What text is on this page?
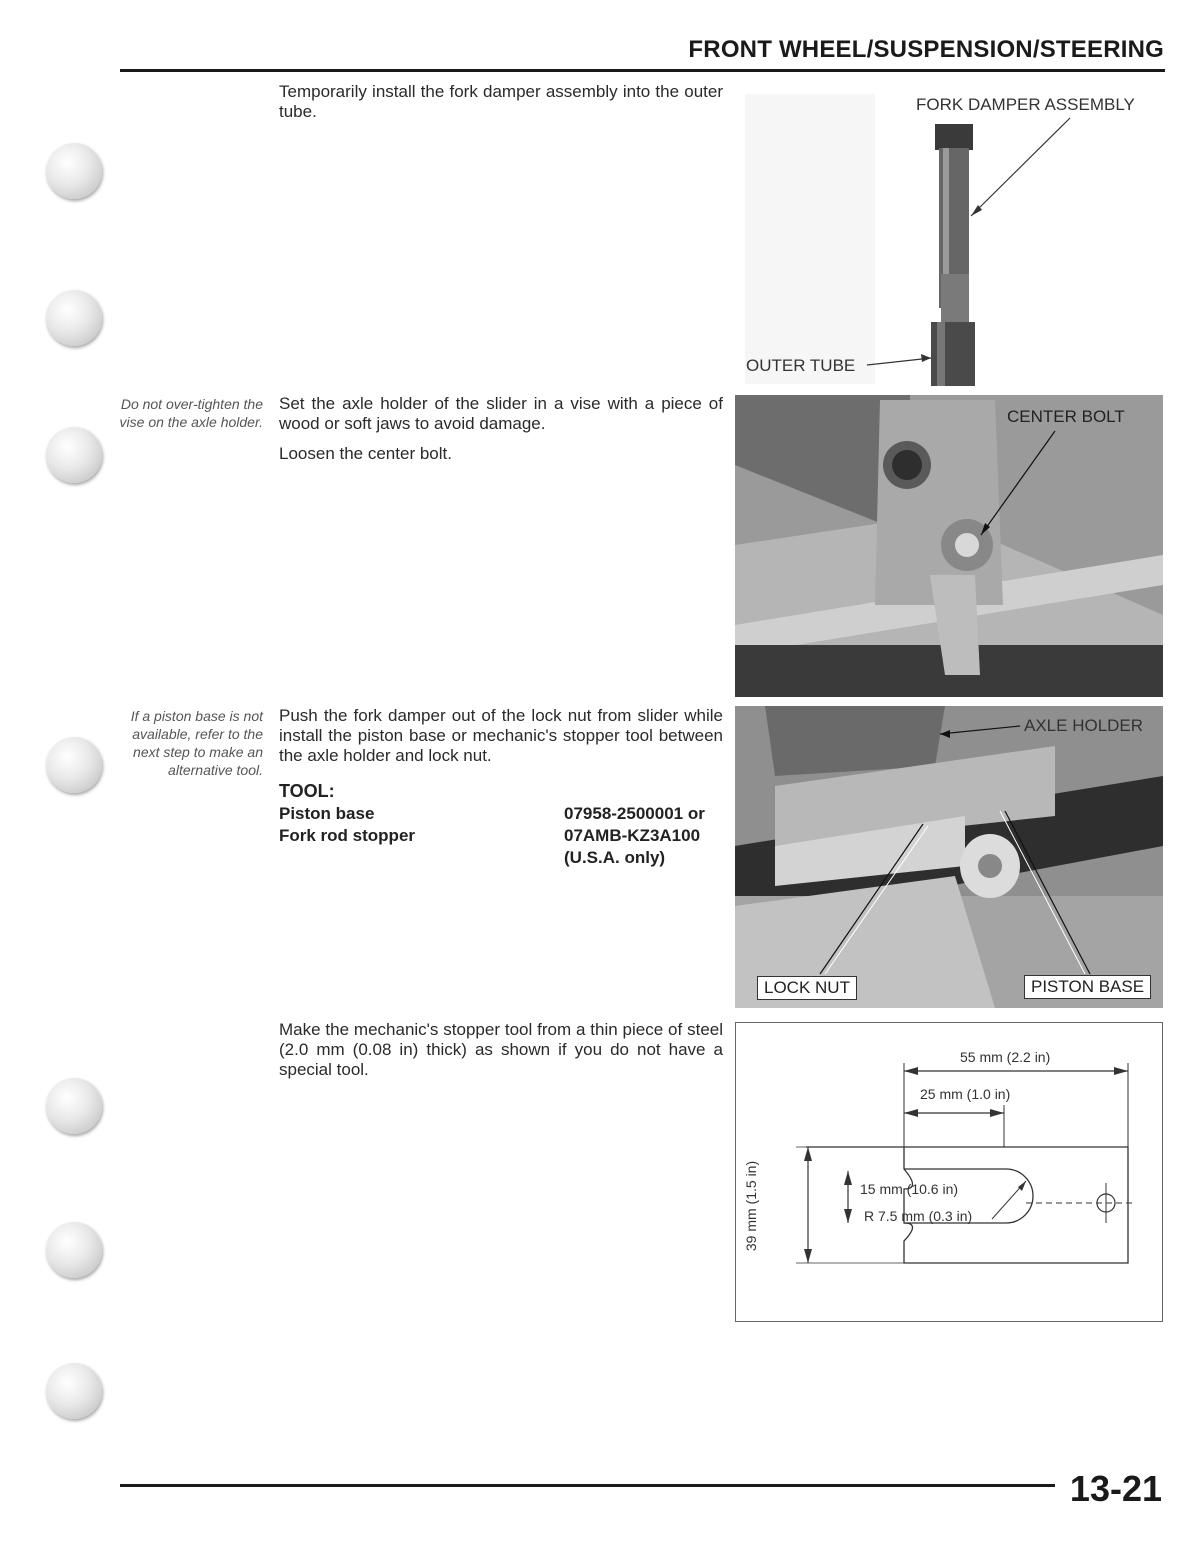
FRONT WHEEL/SUSPENSION/STEERING
Temporarily install the fork damper assembly into the outer tube.
Do not over-tighten the vise on the axle holder.
Set the axle holder of the slider in a vise with a piece of wood or soft jaws to avoid damage.
Loosen the center bolt.
If a piston base is not available, refer to the next step to make an alternative tool.
Push the fork damper out of the lock nut from slider while install the piston base or mechanic's stopper tool between the axle holder and lock nut.
TOOL:
Piston base	07958-2500001 or
Fork rod stopper	07AMB-KZ3A100
(U.S.A. only)
Make the mechanic's stopper tool from a thin piece of steel (2.0 mm (0.08 in) thick) as shown if you do not have a special tool.
FORK DAMPER ASSEMBLY
OUTER TUBE
CENTER BOLT
AXLE HOLDER
LOCK NUT	PISTON BASE
55 mm (2.2 in)
25 mm (1.0 in)
39 mm (1.5 in)	15 mm (10.6 in)
R 7.5 mm (0.3 in)
13-21
